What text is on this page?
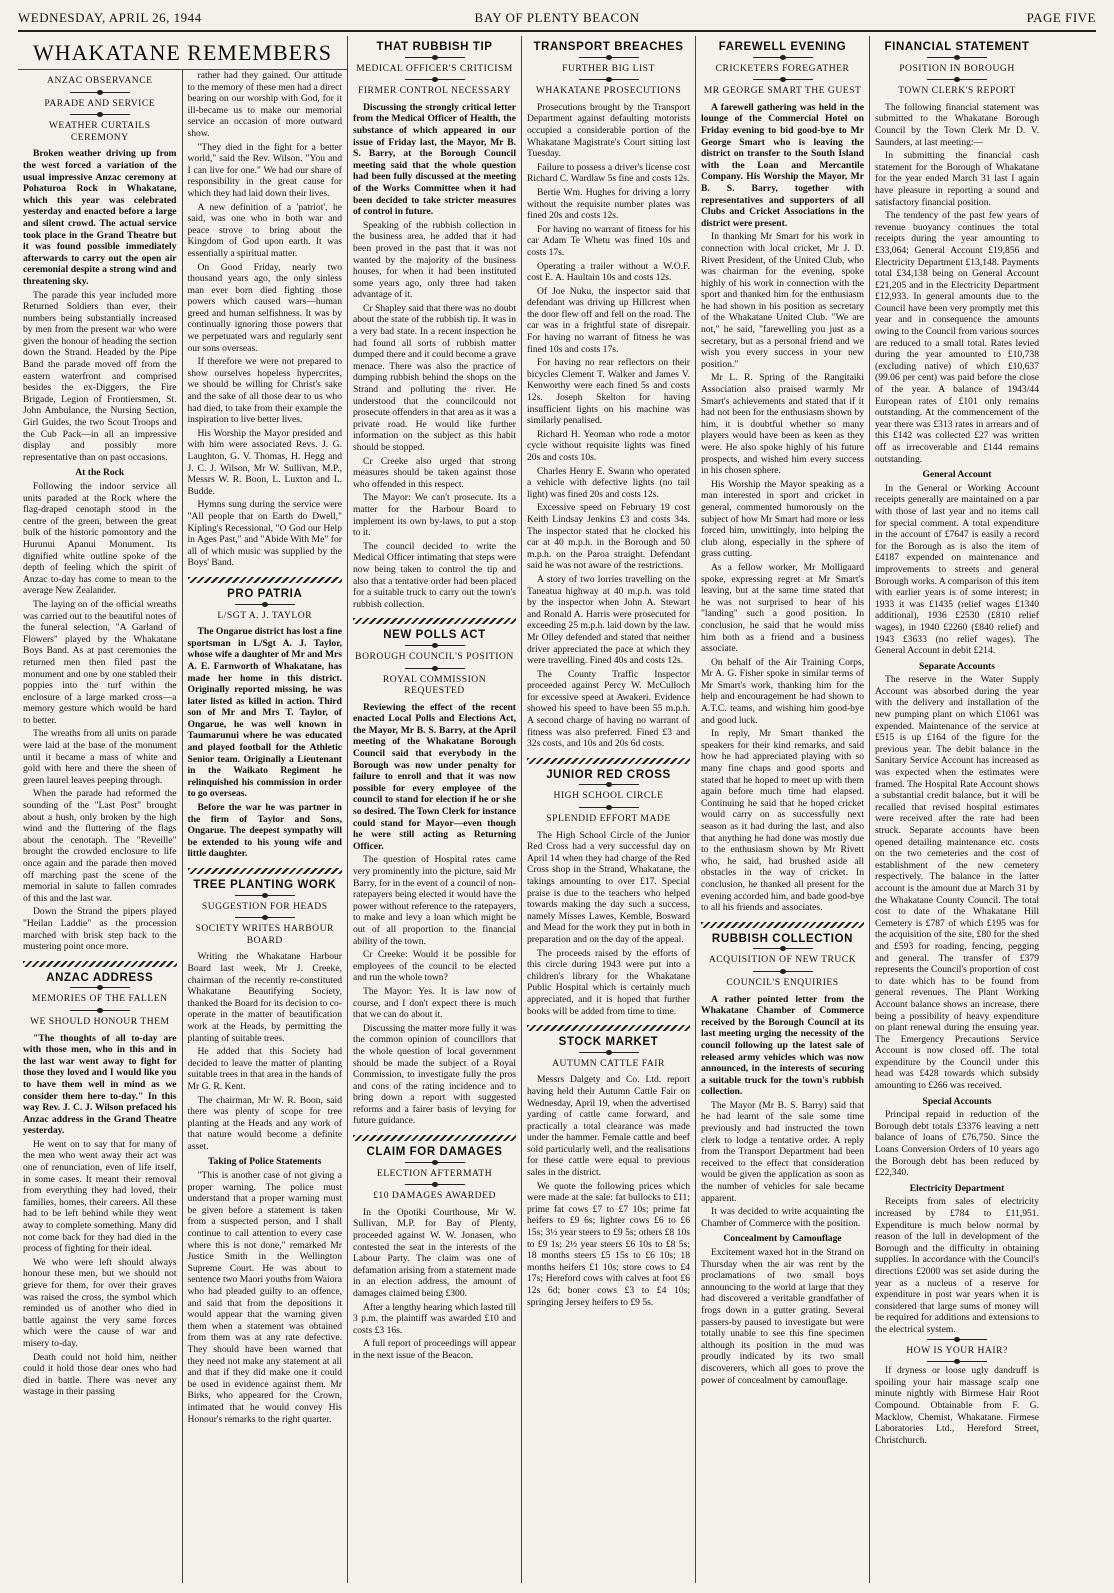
WEDNESDAY, APRIL 26, 1944	BAY OF PLENTY BEACON	PAGE FIVE
WHAKATANE REMEMBERS
ANZAC OBSERVANCE
PARADE AND SERVICE
WEATHER CURTAILS CEREMONY

Broken weather driving up from the west forced a variation of the usual impressive Anzac ceremony at Pohaturoa Rock in Whakatane, which this year was celebrated yesterday and enacted before a large and silent crowd. The actual service took place in the Grand Theatre but it was found possible immediately afterwards to carry out the open air ceremonial despite a strong wind and threatening sky.

The parade this year included more Returned Soldiers than ever, their numbers being substantially increased by men from the present war who were given the honour of heading the section down the Strand. Headed by the Pipe Band the parade moved off from the eastern waterfront and comprised besides the ex-Diggers, the Fire Brigade, Legion of Frontiersmen, St. John Ambulance, the Nursing Section, Girl Guides, the two Scout Troops and the Cub Pack—in all an impressive display and possibly more representative than on past occasions.

At the Rock

Following the indoor service all units paraded at the Rock where the flag-draped cenotaph stood in the centre of the green, between the great bulk of the historic pomontory and the Hurunui Apanui Monument. Its dignified white outline spoke of the depth of feeling which the spirit of Anzac to-day has come to mean to the average New Zealander.

The laying on of the official wreaths was carried out to the beautiful notes of the funeral selection, "A Garland of Flowers" played by the Whakatane Boys Band. As at past ceremonies the returned men then filed past the monument and one by one stabled their poppies into the turf within the enclosure of a large marked cross—a memory gesture which would be hard to better.

The wreaths from all units on parade were laid at the base of the monument until it became a mass of white and gold with here and there the sheen of green laurel leaves peeping through.

When the parade had reformed the sounding of the "Last Post" brought about a hush, only broken by the high wind and the fluttering of the flags about the cenotaph. The "Reveille" brought the crowded enclosure to life once again and the parade then moved off marching past the scene of the memorial in salute to fallen comrades of this and the last war.

Down the Strand the pipers played "Heilan Laddie" as the procession marched with brisk step back to the mustering point once more.

ANZAC ADDRESS
MEMORIES OF THE FALLEN
WE SHOULD HONOUR THEM

"The thoughts of all to-day are with those men, who in this and in the last war went away to fight for those they loved and I would like you to have them well in mind as we consider them here to-day." In this way Rev. J. C. J. Wilson prefaced his Anzac address in the Grand Theatre yesterday.

He went on to say that for many of the men who went away their act was one of renunciation, even of life itself, in some cases. It meant their removal from everything they had loved, their families, homes, their careers. All these had to be left behind while they went away to complete something. Many did not come back for they had died in the process of fighting for their ideal.

We who were left should always honour these men, but we should not grieve for them, for over their graves was raised the cross, the symbol which reminded us of another who died in battle against the very same forces which were the cause of war and misery to-day.

Death could not hold him, neither could it hold those dear ones who had died in battle. There was never any wastage in their passing

rather had they gained. Our attitude to the memory of these men had a direct bearing on our worship with God, for it ill-became us to make our memorial service an occasion of more outward show.

"They died in the fight for a better world," said the Rev. Wilson. "You and I can live for one." We had our share of responsibility in the great cause for which they had laid down their lives.

A new definition of a 'patriot', he said, was one who in both war and peace strove to bring about the Kingdom of God upon earth. It was essentially a spiritual matter.

On Good Friday, nearly two thousand years ago, the only sinless man ever born died fighting those powers which caused wars—human greed and human selfishness. It was by continually ignoring those powers that we perpetuated wars and regularly sent our sons overseas.

If therefore we were not prepared to show ourselves hopeless hypercrites, we should be willing for Christ's sake and the sake of all those dear to us who had died, to take from their example the inspiration to live better lives.

His Worship the Mayor presided and with him were associated Revs. J. G. Laughton, G. V. Thomas, H. Hegg and J. C. J. Wilson, Mr W. Sullivan, M.P., Messrs W. R. Boon, L. Luxton and L. Budde.

Hymns sung during the service were "All people that on Earth do Dwell," Kipling's Recessional, "O God our Help in Ages Past," and "Abide With Me" for all of which music was supplied by the Boys' Band.

PRO PATRIA
L/SGT A. J. TAYLOR

The Ongarue district has lost a fine sportsman in L/Sgt A. J. Taylor, whose wife a daughter of Mr and Mrs A. E. Farnworth of Whakatane, has made her home in this district. Originally reported missing, he was later listed as killed in action. Third son of Mr and Mrs T. Taylor, of Ongarue, he was well known in Taumarunui where he was educated and played football for the Athletic Senior team. Originally a Lieutenant in the Waikato Regiment he relinquished his commission in order to go overseas.

Before the war he was partner in the firm of Taylor and Sons, Ongarue. The deepest sympathy will be extended to his young wife and little daughter.

TREE PLANTING WORK
SUGGESTION FOR HEADS
SOCIETY WRITES HARBOUR BOARD

Writing the Whakatane Harbour Board last week, Mr J. Creeke, chairman of the recently re-constituted Whakatane Beautifying Society, thanked the Board for its decision to co-operate in the matter of beautification work at the Heads, by permitting the planting of suitable trees.

He added that this Society had decided to leave the matter of planting suitable trees in that area in the hands of Mr G. R. Kent.

The chairman, Mr W. R. Boon, said there was plenty of scope for tree planting at the Heads and any work of that nature would become a definite asset.

Taking of Police Statements

"This is another case of not giving a proper warning. The police must understand that a proper warning must be given before a statement is taken from a suspected person, and I shall continue to call attention to every case where this is not done," remarked Mr Justice Smith in the Wellington Supreme Court. He was about to sentence two Maori youths from Waiora who had pleaded guilty to an offence, and said that from the depositions it would appear that the warning given them when a statement was obtained from them was at any rate defective. They should have been warned that they need not make any statement at all and that if they did make one it could be used in evidence against them. Mr Birks, who appeared for the Crown, intimated that he would convey His Honour's remarks to the right quarter.

THAT RUBBISH TIP
MEDICAL OFFICER'S CRITICISM
FIRMER CONTROL NECESSARY

Discussing the strongly critical letter from the Medical Officer of Health, the substance of which appeared in our issue of Friday last, the Mayor, Mr B. S. Barry, at the Borough Council meeting said that the whole question had been fully discussed at the meeting of the Works Committee when it had been decided to take stricter measures of control in future.

Speaking of the rubbish collection in the business area, he added that it had been proved in the past that it was not wanted by the majority of the business houses, for when it had been instituted some years ago, only three had taken advantage of it.

Cr Shapley said that there was no doubt about the state of the rubbish tip. It was in a very bad state. In a recent inspection he had found all sorts of rubbish matter dumped there and it could become a grave menace. There was also the practice of dumping rubbish behind the shops on the Strand and polluting the river. He understood that the councilcould not prosecute offenders in that area as it was a private road. He would like further information on the subject as this habit should be stopped.

Cr Creeke also urged that strong measures should be taken against those who offended in this respect.

The Mayor: We can't prosecute. Its a matter for the Harbour Board to implement its own by-laws, to put a stop to it.

The council decided to write the Medical Officer intimating that steps were now being taken to control the tip and also that a tentative order had been placed for a suitable truck to carry out the town's rubbish collection.

NEW POLLS ACT
BOROUGH COUNCIL'S POSITION
ROYAL COMMISSION REQUESTED

Reviewing the effect of the recent enacted Local Polls and Elections Act, the Mayor, Mr B. S. Barry, at the April meeting of the Whakatane Borough Council said that everybody in the Borough was now under penalty for failure to enroll and that it was now possible for every employee of the council to stand for election if he or she so desired. The Town Clerk for instance could stand for Mayor—even though he were still acting as Returning Officer.

The question of Hospital rates came very prominently into the picture, said Mr Barry, for in the event of a council of non-ratepayers being elected it would have the power without reference to the ratepayers, to make and levy a loan which might be out of all proportion to the financial ability of the town.

Cr Creeke: Would it be possible for employees of the council to be elected and run the whole town?

The Mayor: Yes. It is law now of course, and I don't expect there is much that we can do about it.

Discussing the matter more fully it was the common opinion of councillors that the whole question of local government should be made the subject of a Royal Commission, to investigate fully the pros and cons of the rating incidence and to bring down a report with suggested reforms and a fairer basis of levying for future guidance.

CLAIM FOR DAMAGES
ELECTION AFTERMATH
£10 DAMAGES AWARDED

In the Opotiki Courthouse, Mr W. Sullivan, M.P. for Bay of Plenty, proceeded against W. W. Jonasen, who contested the seat in the interests of the Labour Party. The claim was one of defamation arising from a statement made in an election address, the amount of damages claimed being £300.

After a lengthy hearing which lasted till 3 p.m. the plaintiff was awarded £10 and costs £3 16s.

A full report of proceedings will appear in the next issue of the Beacon.

TRANSPORT BREACHES
FURTHER BIG LIST
WHAKATANE PROSECUTIONS

Prosecutions brought by the Transport Department against defaulting motorists occupied a considerable portion of the Whakatane Magistrate's Court sitting last Tuesday.

Failure to possess a driver's license cost Richard C. Wardlaw 5s fine and costs 12s.

Bertie Wm. Hughes for driving a lorry without the requisite number plates was fined 20s and costs 12s.

For having no warrant of fitness for his car Adam Te Whetu was fined 10s and costs 17s.

Operating a trailer without a W.O.F. cost E. A. Haultain 10s and costs 12s.

Of Joe Nuku, the inspector said that defendant was driving up Hillcrest when the door flew off and fell on the road. The car was in a frightful state of disrepair. For having no warrant of fitness he was fined 10s and costs 17s.

For having no rear reflectors on their bicycles Clement T. Walker and James V. Kenworthy were each fined 5s and costs 12s. Joseph Skelton for having insufficient lights on his machine was similarly penalised.

Richard H. Yeoman who rode a motor cycle without requisite lights was fined 20s and costs 10s.

Charles Henry E. Swann who operated a vehicle with defective lights (no tail light) was fined 20s and costs 12s.

Excessive speed on February 19 cost Keith Lindsay Jenkins £3 and costs 34s. The inspector stated that he clocked his car at 40 m.p.h. in the Borough and 50 m.p.h. on the Paroa straight. Defendant said he was not aware of the restrictions.

A story of two lorries travelling on the Taneatua highway at 40 m.p.h. was told by the inspector when John A. Stewart and Ronald A. Harris were prosecuted for exceeding 25 m.p.h. laid down by the law. Mr Olley defended and stated that neither driver appreciated the pace at which they were travelling. Fined 40s and costs 12s.

The County Traffic Inspector proceeded against Percy W. McCulloch for excessive speed at Awakeri. Evidence showed his speed to have been 55 m.p.h. A second charge of having no warrant of fitness was also preferred. Fined £3 and 32s costs, and 10s and 20s 6d costs.

JUNIOR RED CROSS
HIGH SCHOOL CIRCLE
SPLENDID EFFORT MADE

The High School Circle of the Junior Red Cross had a very successful day on April 14 when they had charge of the Red Cross shop in the Strand, Whakatane, the takings amounting to over £17. Special praise is due to the teachers who helped towards making the day such a success, namely Misses Lawes, Kemble, Bosward and Mead for the work they put in both in preparation and on the day of the appeal.

The proceeds raised by the efforts of this circle during 1943 were put into a children's library for the Whakatane Public Hospital which is certainly much appreciated, and it is hoped that further books will be added from time to time.

STOCK MARKET
AUTUMN CATTLE FAIR

Messrs Dalgety and Co. Ltd. report having held their Autumn Cattle Fair on Wednesday, April 19, when the advertised yarding of cattle came forward, and practically a total clearance was made under the hammer. Female cattle and beef sold particularly well, and the realisations for these cattle were equal to previous sales in the district.

We quote the following prices which were made at the sale: fat bullocks to £11; prime fat cows £7 to £7 10s; prime fat heifers to £9 6s; lighter cows £6 to £6 15s; 3½ year steers to £9 5s; others £8 10s to £9 1s; 2½ year steers £6 10s to £8 5s; 18 months steers £5 15s to £6 10s; 18 months heifers £1 10s; store cows to £4 17s; Hereford cows with calves at foot £6 12s 6d; boner cows £3 to £4 10s; springing Jersey heifers to £9 5s.

FAREWELL EVENING
CRICKETERS FOREGATHER
MR GEORGE SMART THE GUEST

A farewell gathering was held in the lounge of the Commercial Hotel on Friday evening to bid good-bye to Mr George Smart who is leaving the district on transfer to the South Island with the Loan and Mercantile Company. His Worship the Mayor, Mr B. S. Barry, together with representatives and supporters of all Clubs and Cricket Associations in the district were present.

In thanking Mr Smart for his work in connection with local cricket, Mr J. D. Rivett President, of the United Club, who was chairman for the evening, spoke highly of his work in connection with the sport and thanked him for the enthusiasm he had shown in his position as secretary of the Whakatane United Club. "We are not," he said, "farewelling you just as a secretary, but as a personal friend and we wish you every success in your new position."

Mr L. R. Spring of the Rangitaiki Association also praised warmly Mr Smart's achievements and stated that if it had not been for the enthusiasm shown by him, it is doubtful whether so many players would have been as keen as they were. He also spoke highly of his future prospects, and wished him every success in his chosen sphere.

His Worship the Mayor speaking as a man interested in sport and cricket in general, commented humorously on the subject of how Mr Smart had more or less forced him, unwittingly, into helping the club along, especially in the sphere of grass cutting.

As a fellow worker, Mr Molligaard spoke, expressing regret at Mr Smart's leaving, but at the same time stated that he was not surprised to hear of his "landing" such a good position. In conclusion, he said that he would miss him both as a friend and a business associate.

On behalf of the Air Training Corps, Mr A. G. Fisher spoke in similar terms of Mr Smart's work, thanking him for the help and encouragement he had shown to A.T.C. teams, and wishing him good-bye and good luck.

In reply, Mr Smart thanked the speakers for their kind remarks, and said how he had appreciated playing with so many fine chaps and good sports and stated that he hoped to meet up with them again before much time had elapsed. Continuing he said that he hoped cricket would carry on as successfully next season as it had during the last, and also that anything he had done was mostly due to the enthusiasm shown by Mr Rivett who, he said, had brushed aside all obstacles in the way of cricket. In conclusion, he thanked all present for the evening accorded him, and bade good-bye to all his friends and associates.

RUBBISH COLLECTION
ACQUISITION OF NEW TRUCK
COUNCIL'S ENQUIRIES

A rather pointed letter from the Whakatane Chamber of Commerce received by the Borough Council at its last meeting urging the necessity of the council following up the latest sale of released army vehicles which was now announced, in the interests of securing a suitable truck for the town's rubbish collection.

The Mayor (Mr B. S. Barry) said that he had learnt of the sale some time previously and had instructed the town clerk to lodge a tentative order. A reply from the Transport Department had been received to the effect that consideration would be given the application as soon as the number of vehicles for sale became apparent.

It was decided to write acquainting the Chamber of Commerce with the position.

Concealment by Camouflage

Excitement waxed hot in the Strand on Thursday when the air was rent by the proclamations of two small boys announcing to the world at large that they had discovered a veritable grandfather of frogs down in a gutter grating. Several passers-by paused to investigate but were totally unable to see this fine specimen although its position in the mud was proudly indicated by its two small discoverers, which all goes to prove the power of concealment by camouflage.

FINANCIAL STATEMENT
POSITION IN BOROUGH
TOWN CLERK'S REPORT

The following financial statement was submitted to the Whakatane Borough Council by the Town Clerk Mr D. V. Saunders, at last meeting:—

In submitting the financial cash statement for the Borough of Whakatane for the year ended March 31 last I again have pleasure in reporting a sound and satisfactory financial position.

The tendency of the past few years of revenue buoyancy continues the total receipts during the year amounting to £33,064; General Account £19,856 and Electricity Department £13,148. Payments total £34,138 being on General Account £21,205 and in the Electricity Department £12,933. In general amounts due to the Council have been very promptly met this year and in consequence the amounts owing to the Council from various sources are reduced to a small total. Rates levied during the year amounted to £10,738 (excluding native) of which £10,637 (99.06 per cent) was paid before the close of the year. A balance of 1943/44 European rates of £101 only remains outstanding. At the commencement of the year there was £313 rates in arrears and of this £142 was collected £27 was written off as irrecoverable and £144 remains outstanding.

General Account

In the General or Working Account receipts generally are maintained on a par with those of last year and no items call for special comment. A total expenditure in the account of £7647 is easily a record for the Borough as is also the item of £4187 expended on maintenance and improvements to streets and general Borough works. A comparison of this item with earlier years is of some interest; in 1933 it was £1435 (relief wages £1340 additional), 1936 £2530 (£810 relief wages), in 1940 £2260 (£840 relief) and 1943 £3633 (no relief wages). The General Account in debit £214.

Separate Accounts

The reserve in the Water Supply Account was absorbed during the year with the delivery and installation of the new pumping plant on which £1061 was expended. Maintenance of the service at £515 is up £164 of the figure for the previous year. The debit balance in the Sanitary Service Account has increased as was expected when the estimates were framed. The Hospital Rate Account shows a substantial credit balance, but it will be recalled that revised hospital estimates were received after the rate had been struck. Separate accounts have been opened detailing maintenance etc. costs on the two cemeteries and the cost of establishment of the new cemetery respectively. The balance in the latter account is the amount due at March 31 by the Whakatane County Council. The total cost to date of the Whakatane Hill Cemetery is £787 of which £195 was for the acquisition of the site, £80 for the shed and £593 for roading, fencing, pegging and general. The transfer of £379 represents the Council's proportion of cost to date which has to be found from general revenues. The Plant Working Account balance shows an increase, there being a possibility of heavy expenditure on plant renewal during the ensuing year. The Emergency Precautions Service Account is now closed off. The total expenditure by the Council under this head was £428 towards which subsidy amounting to £266 was received.

Special Accounts

Principal repaid in reduction of the Borough debt totals £3376 leaving a nett balance of loans of £76,750. Since the Loans Conversion Orders of 10 years ago the Borough debt has been reduced by £22,340.

Electricity Department

Receipts from sales of electricity increased by £784 to £11,951. Expenditure is much below normal by reason of the lull in development of the Borough and the difficulty in obtaining supplies. In accordance with the Council's directions £2000 was set aside during the year as a nucleus of a reserve for expenditure in post war years when it is considered that large sums of money will be required for additions and extensions to the electrical system.

HOW IS YOUR HAIR?

If dryness or loose ugly dandruff is spoiling your hair massage scalp one minute nightly with Birmese Hair Root Compound. Obtainable from F. G. Macklow, Chemist, Whakatane. Firmese Laboratories Ltd., Hereford Street, Christchurch.
